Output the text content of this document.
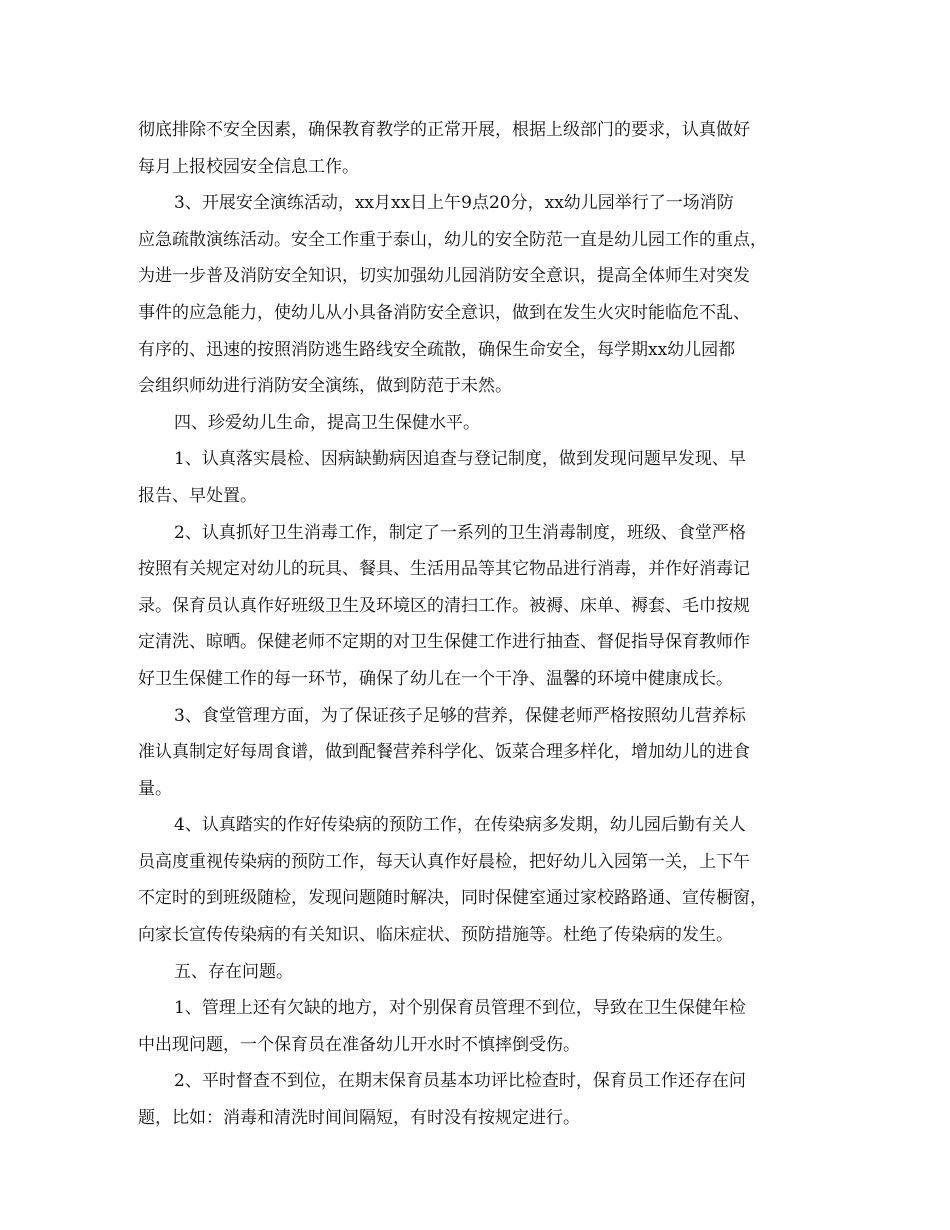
彻底排除不安全因素，确保教育教学的正常开展，根据上级部门的要求，认真做好
每月上报校园安全信息工作。
3、开展安全演练活动，xx月xx日上午9点20分，xx幼儿园举行了一场消防
应急疏散演练活动。安全工作重于泰山，幼儿的安全防范一直是幼儿园工作的重点，
为进一步普及消防安全知识，切实加强幼儿园消防安全意识，提高全体师生对突发
事件的应急能力，使幼儿从小具备消防安全意识，做到在发生火灾时能临危不乱、
有序的、迅速的按照消防逃生路线安全疏散，确保生命安全，每学期xx幼儿园都
会组织师幼进行消防安全演练，做到防范于未然。
四、珍爱幼儿生命，提高卫生保健水平。
1、认真落实晨检、因病缺勤病因追查与登记制度，做到发现问题早发现、早
报告、早处置。
2、认真抓好卫生消毒工作，制定了一系列的卫生消毒制度，班级、食堂严格
按照有关规定对幼儿的玩具、餐具、生活用品等其它物品进行消毒，并作好消毒记
录。保育员认真作好班级卫生及环境区的清扫工作。被褥、床单、褥套、毛巾按规
定清洗、晾晒。保健老师不定期的对卫生保健工作进行抽查、督促指导保育教师作
好卫生保健工作的每一环节，确保了幼儿在一个干净、温馨的环境中健康成长。
3、食堂管理方面，为了保证孩子足够的营养，保健老师严格按照幼儿营养标
准认真制定好每周食谱，做到配餐营养科学化、饭菜合理多样化，增加幼儿的进食
量。
4、认真踏实的作好传染病的预防工作，在传染病多发期，幼儿园后勤有关人
员高度重视传染病的预防工作，每天认真作好晨检，把好幼儿入园第一关，上下午
不定时的到班级随检，发现问题随时解决，同时保健室通过家校路路通、宣传橱窗，
向家长宣传传染病的有关知识、临床症状、预防措施等。杜绝了传染病的发生。
五、存在问题。
1、管理上还有欠缺的地方，对个别保育员管理不到位，导致在卫生保健年检
中出现问题，一个保育员在准备幼儿开水时不慎摔倒受伤。
2、平时督查不到位，在期末保育员基本功评比检查时，保育员工作还存在问
题，比如：消毒和清洗时间间隔短，有时没有按规定进行。
